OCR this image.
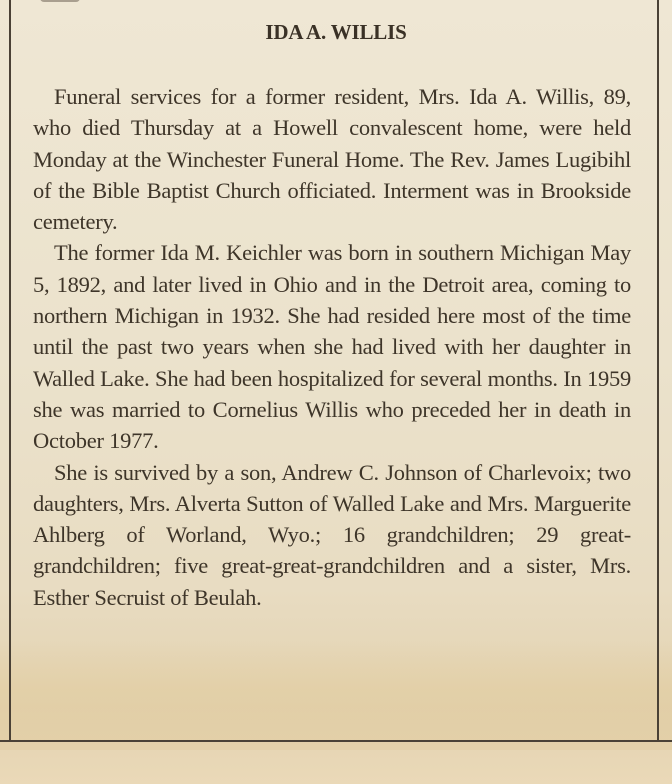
IDA A. WILLIS

Funeral services for a former resident, Mrs. Ida A. Willis, 89, who died Thursday at a Howell convalescent home, were held Monday at the Winchester Funeral Home. The Rev. James Lugibihl of the Bible Baptist Church officiated. Interment was in Brookside cemetery.

The former Ida M. Keichler was born in southern Michigan May 5, 1892, and later lived in Ohio and in the Detroit area, coming to northern Michigan in 1932. She had resided here most of the time until the past two years when she had lived with her daughter in Walled Lake. She had been hospitalized for several months. In 1959 she was married to Cornelius Willis who preceded her in death in October 1977.

She is survived by a son, Andrew C. Johnson of Charlevoix; two daughters, Mrs. Alverta Sutton of Walled Lake and Mrs. Marguerite Ahlberg of Worland, Wyo.; 16 grandchildren; 29 great-grandchildren; five great-great-grandchildren and a sister, Mrs. Esther Secruist of Beulah.
